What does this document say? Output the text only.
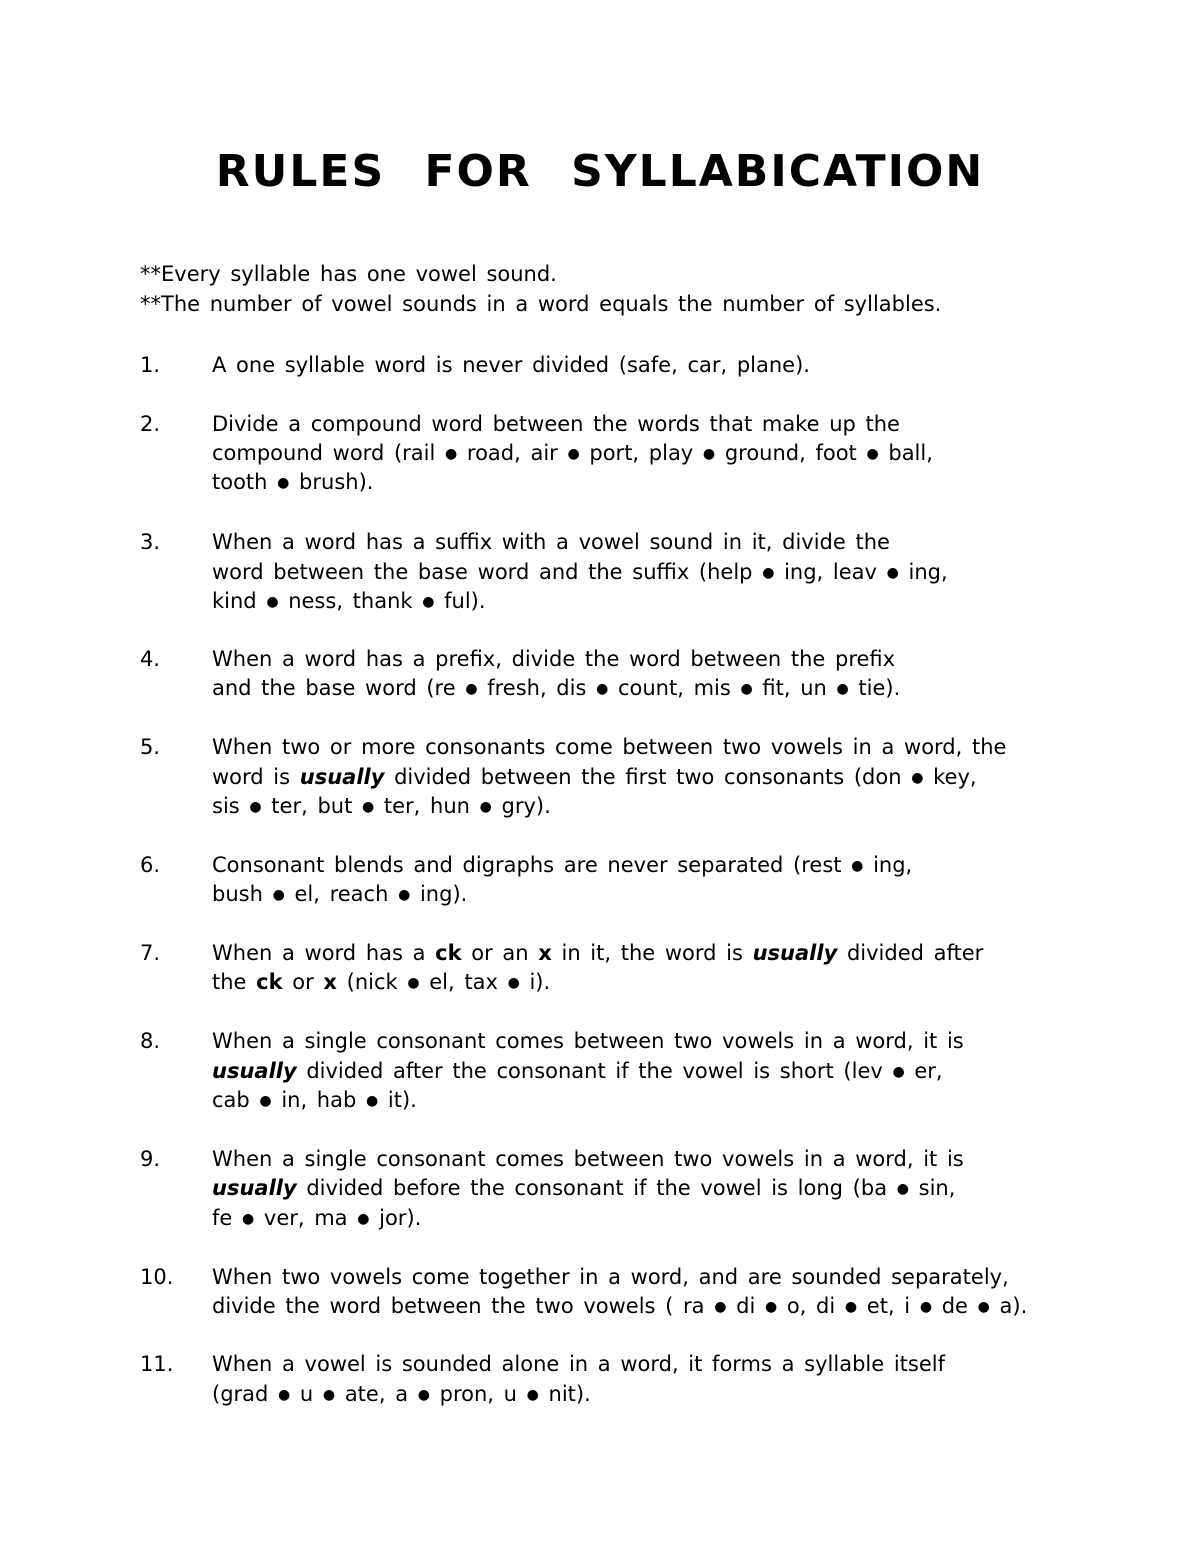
RULES FOR SYLLABICATION
**Every syllable has one vowel sound.
**The number of vowel sounds in a word equals the number of syllables.
1. A one syllable word is never divided (safe, car, plane).
2. Divide a compound word between the words that make up the
compound word (rail ● road, air ● port, play ● ground, foot ● ball,
tooth ● brush).
3. When a word has a suffix with a vowel sound in it, divide the
word between the base word and the suffix (help ● ing, leav ● ing,
kind ● ness, thank ● ful).
4. When a word has a prefix, divide the word between the prefix
and the base word (re ● fresh, dis ● count, mis ● fit, un ● tie).
5. When two or more consonants come between two vowels in a word, the
word is usually divided between the first two consonants (don ● key,
sis ● ter, but ● ter, hun ● gry).
6. Consonant blends and digraphs are never separated (rest ● ing,
bush ● el, reach ● ing).
7. When a word has a ck or an x in it, the word is usually divided after
the ck or x (nick ● el, tax ● i).
8. When a single consonant comes between two vowels in a word, it is
usually divided after the consonant if the vowel is short (lev ● er,
cab ● in, hab ● it).
9. When a single consonant comes between two vowels in a word, it is
usually divided before the consonant if the vowel is long (ba ● sin,
fe ● ver, ma ● jor).
10. When two vowels come together in a word, and are sounded separately,
divide the word between the two vowels ( ra ● di ● o, di ● et, i ● de ● a).
11. When a vowel is sounded alone in a word, it forms a syllable itself
(grad ● u ● ate, a ● pron, u ● nit).
